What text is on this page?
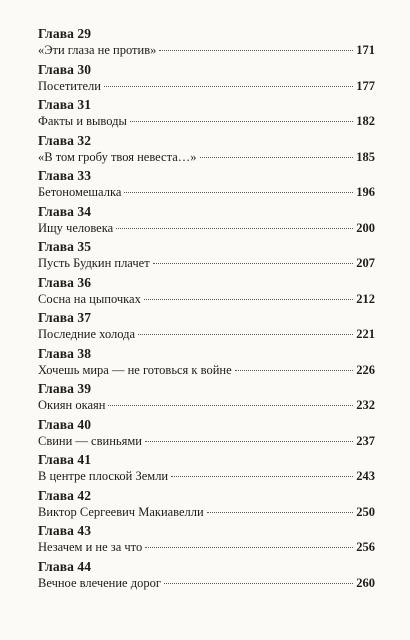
Глава 29
«Эти глаза не против»	171
Глава 30
Посетители	177
Глава 31
Факты и выводы	182
Глава 32
«В том гробу твоя невеста…»	185
Глава 33
Бетономешалка	196
Глава 34
Ищу человека	200
Глава 35
Пусть Будкин плачет	207
Глава 36
Сосна на цыпочках	212
Глава 37
Последние холода	221
Глава 38
Хочешь мира — не готовься к войне	226
Глава 39
Окиян окаян	232
Глава 40
Свини — свиньями	237
Глава 41
В центре плоской Земли	243
Глава 42
Виктор Сергеевич Макиавелли	250
Глава 43
Незачем и не за что	256
Глава 44
Вечное влечение дорог	260
